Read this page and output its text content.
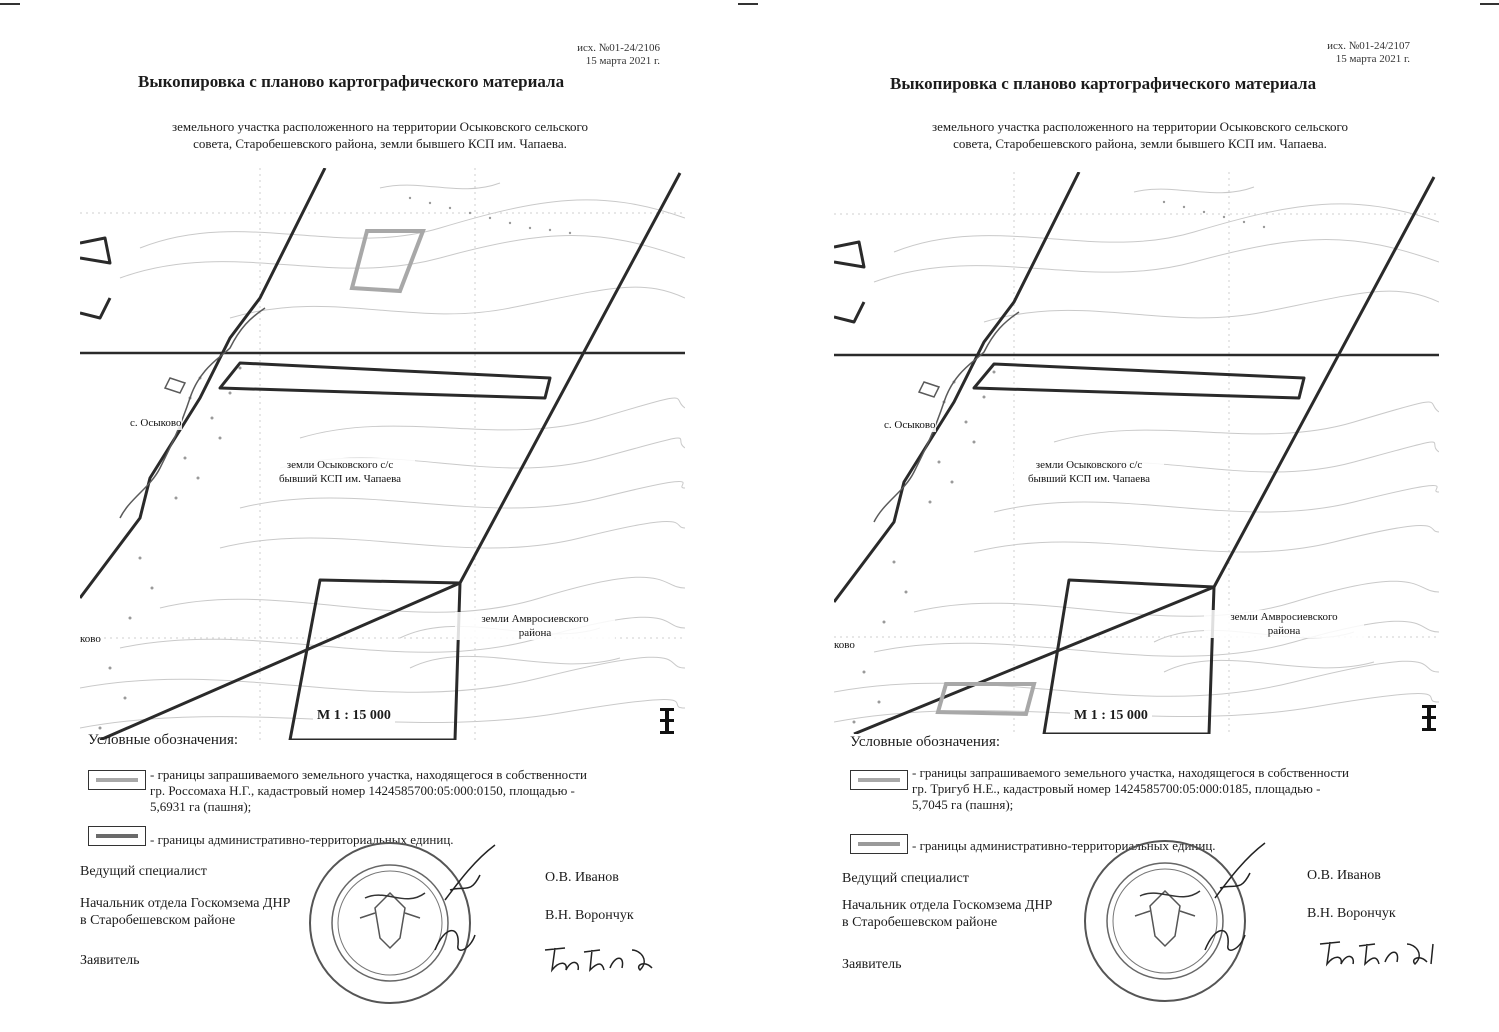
исх. №01-24/2106
15 марта 2021 г.
Выкопировка с планово картографического материала
земельного участка расположенного на территории Осыковского сельского
совета, Старобешевского района, земли бывшего КСП им. Чапаева.
с. Осыково
земли Осыковского с/с
бывший КСП им. Чапаева
земли Амвросиевского
района
ково
М 1 : 15 000
Условные обозначения:
- границы запрашиваемого земельного участка, находящегося в собственности
гр. Россомаха Н.Г., кадастровый номер 1424585700:05:000:0150, площадью -
5,6931 га (пашня);
- границы административно-территориальных единиц.
Ведущий специалист
Начальник отдела Госкомзема ДНР
в Старобешевском районе
Заявитель
О.В. Иванов
В.Н. Ворончук
исх. №01-24/2107
15 марта 2021 г.
Выкопировка с планово картографического материала
земельного участка расположенного на территории Осыковского сельского
совета, Старобешевского района, земли бывшего КСП им. Чапаева.
с. Осыково
земли Осыковского с/с
бывший КСП им. Чапаева
земли Амвросиевского
района
ково
М 1 : 15 000
Условные обозначения:
- границы запрашиваемого земельного участка, находящегося в собственности
гр. Тригуб Н.Е., кадастровый номер 1424585700:05:000:0185, площадью -
5,7045 га (пашня);
- границы административно-территориальных единиц.
Ведущий специалист
Начальник отдела Госкомзема ДНР
в Старобешевском районе
Заявитель
О.В. Иванов
В.Н. Ворончук
